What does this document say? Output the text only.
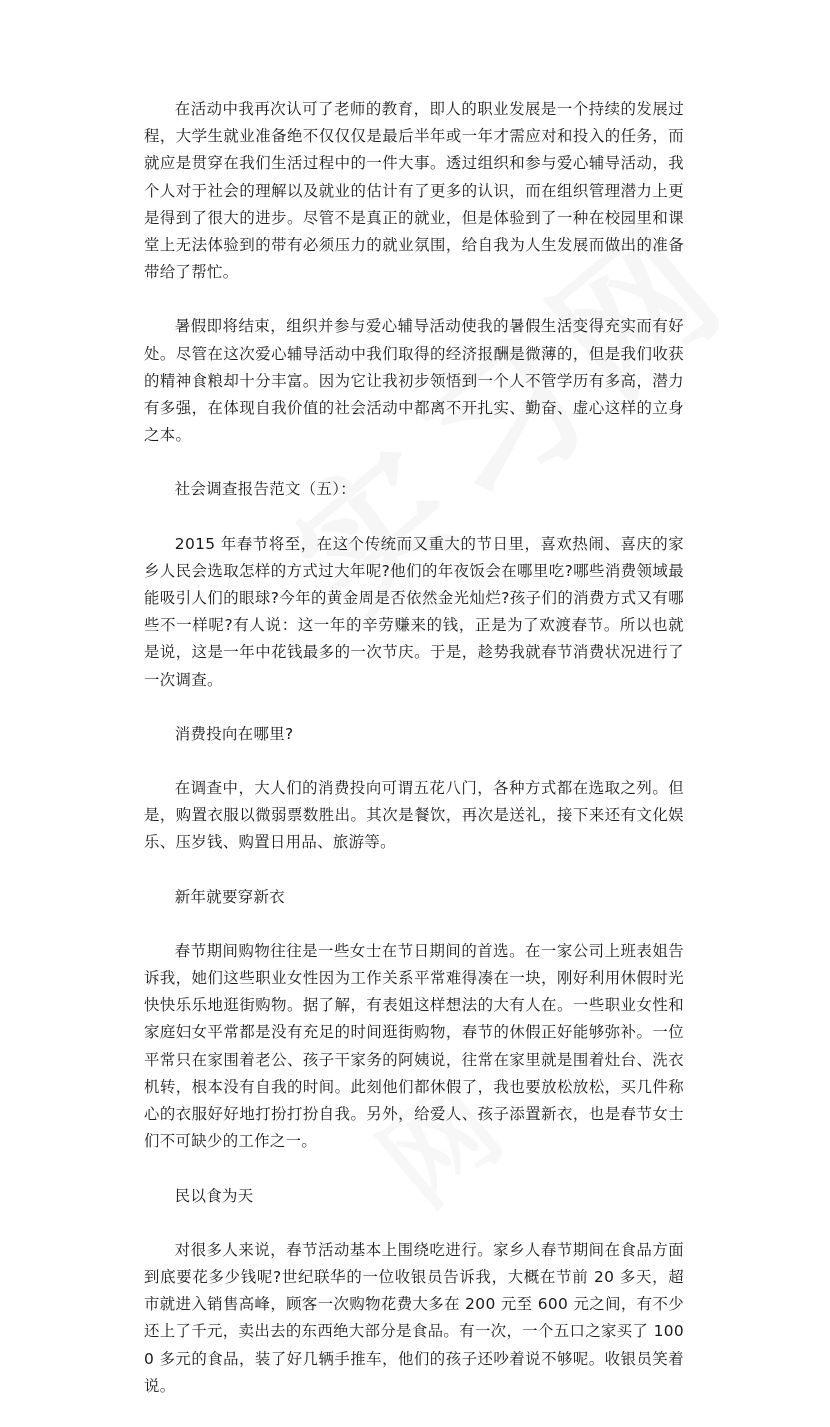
在活动中我再次认可了老师的教育，即人的职业发展是一个持续的发展过程，大学生就业准备绝不仅仅仅是最后半年或一年才需应对和投入的任务，而就应是贯穿在我们生活过程中的一件大事。透过组织和参与爱心辅导活动，我个人对于社会的理解以及就业的估计有了更多的认识，而在组织管理潜力上更是得到了很大的进步。尽管不是真正的就业，但是体验到了一种在校园里和课堂上无法体验到的带有必须压力的就业氛围，给自我为人生发展而做出的准备带给了帮忙。

暑假即将结束，组织并参与爱心辅导活动使我的暑假生活变得充实而有好处。尽管在这次爱心辅导活动中我们取得的经济报酬是微薄的，但是我们收获的精神食粮却十分丰富。因为它让我初步领悟到一个人不管学历有多高，潜力有多强，在体现自我价值的社会活动中都离不开扎实、勤奋、虚心这样的立身之本。

社会调查报告范文（五）：

2015 年春节将至，在这个传统而又重大的节日里，喜欢热闹、喜庆的家乡人民会选取怎样的方式过大年呢?他们的年夜饭会在哪里吃?哪些消费领域最能吸引人们的眼球?今年的黄金周是否依然金光灿烂?孩子们的消费方式又有哪些不一样呢?有人说：这一年的辛劳赚来的钱，正是为了欢渡春节。所以也就是说，这是一年中花钱最多的一次节庆。于是，趁势我就春节消费状况进行了一次调查。

消费投向在哪里?

在调查中，大人们的消费投向可谓五花八门，各种方式都在选取之列。但是，购置衣服以微弱票数胜出。其次是餐饮，再次是送礼，接下来还有文化娱乐、压岁钱、购置日用品、旅游等。

新年就要穿新衣

春节期间购物往往是一些女士在节日期间的首选。在一家公司上班表姐告诉我，她们这些职业女性因为工作关系平常难得凑在一块，刚好利用休假时光快快乐乐地逛街购物。据了解，有表姐这样想法的大有人在。一些职业女性和家庭妇女平常都是没有充足的时间逛街购物，春节的休假正好能够弥补。一位平常只在家围着老公、孩子干家务的阿姨说，往常在家里就是围着灶台、洗衣机转，根本没有自我的时间。此刻他们都休假了，我也要放松放松，买几件称心的衣服好好地打扮打扮自我。另外，给爱人、孩子添置新衣，也是春节女士们不可缺少的工作之一。

民以食为天

对很多人来说，春节活动基本上围绕吃进行。家乡人春节期间在食品方面到底要花多少钱呢?世纪联华的一位收银员告诉我，大概在节前 20 多天，超市就进入销售高峰，顾客一次购物花费大多在 200 元至 600 元之间，有不少还上了千元，卖出去的东西绝大部分是食品。有一次，一个五口之家买了 1000 多元的食品，装了好几辆手推车，他们的孩子还吵着说不够呢。收银员笑着说。
